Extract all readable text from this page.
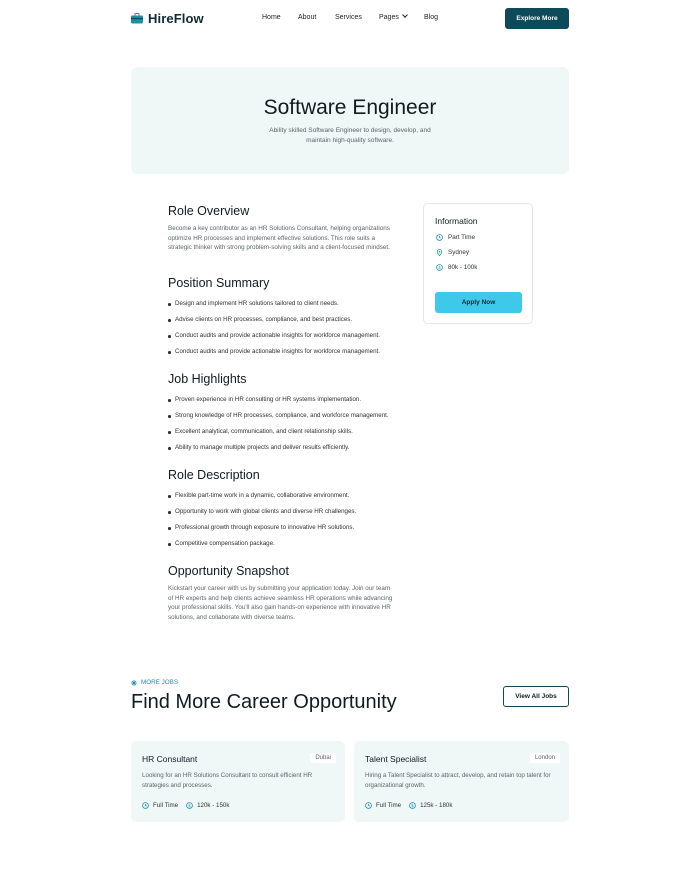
HireFlow	Home About	Services Pages	Blog	Explore More
Software Engineer
Ability skilled Software Engineer to design, develop, and maintain high-quality software.
Role Overview
Become a key contributor as an HR Solutions Consultant, helping organizations optimize HR processes and implement effective solutions. This role suits a strategic thinker with strong problem-solving skills and a client-focused mindset.
Position Summary
Design and implement HR solutions tailored to client needs.
Advise clients on HR processes, compliance, and best practices.
Conduct audits and provide actionable insights for workforce management.
Conduct audits and provide actionable insights for workforce management.
Job Highlights
Proven experience in HR consulting or HR systems implementation.
Strong knowledge of HR processes, compliance, and workforce management.
Excellent analytical, communication, and client relationship skills.
Ability to manage multiple projects and deliver results efficiently.
Role Description
Flexible part-time work in a dynamic, collaborative environment.
Opportunity to work with global clients and diverse HR challenges.
Professional growth through exposure to innovative HR solutions.
Competitive compensation package.
Opportunity Snapshot
Kickstart your career with us by submitting your application today. Join our team of HR experts and help clients achieve seamless HR operations while advancing your professional skills. You'll also gain hands-on experience with innovative HR solutions, and collaborate with diverse teams.
Information
Part Time
Sydney
$ 80k - 100k
Apply Now
MORE JOBS
Find More Career Opportunity	View All Jobs
HR Consultant	Dubai
Looking for an HR Solutions Consultant to consult efficient HR strategies and processes.
Full Time $ 120k - 150k
Talent Specialist	London
Hiring a Talent Specialist to attract, develop, and retain top talent for organizational growth.
Full Time $ 125k - 180k
